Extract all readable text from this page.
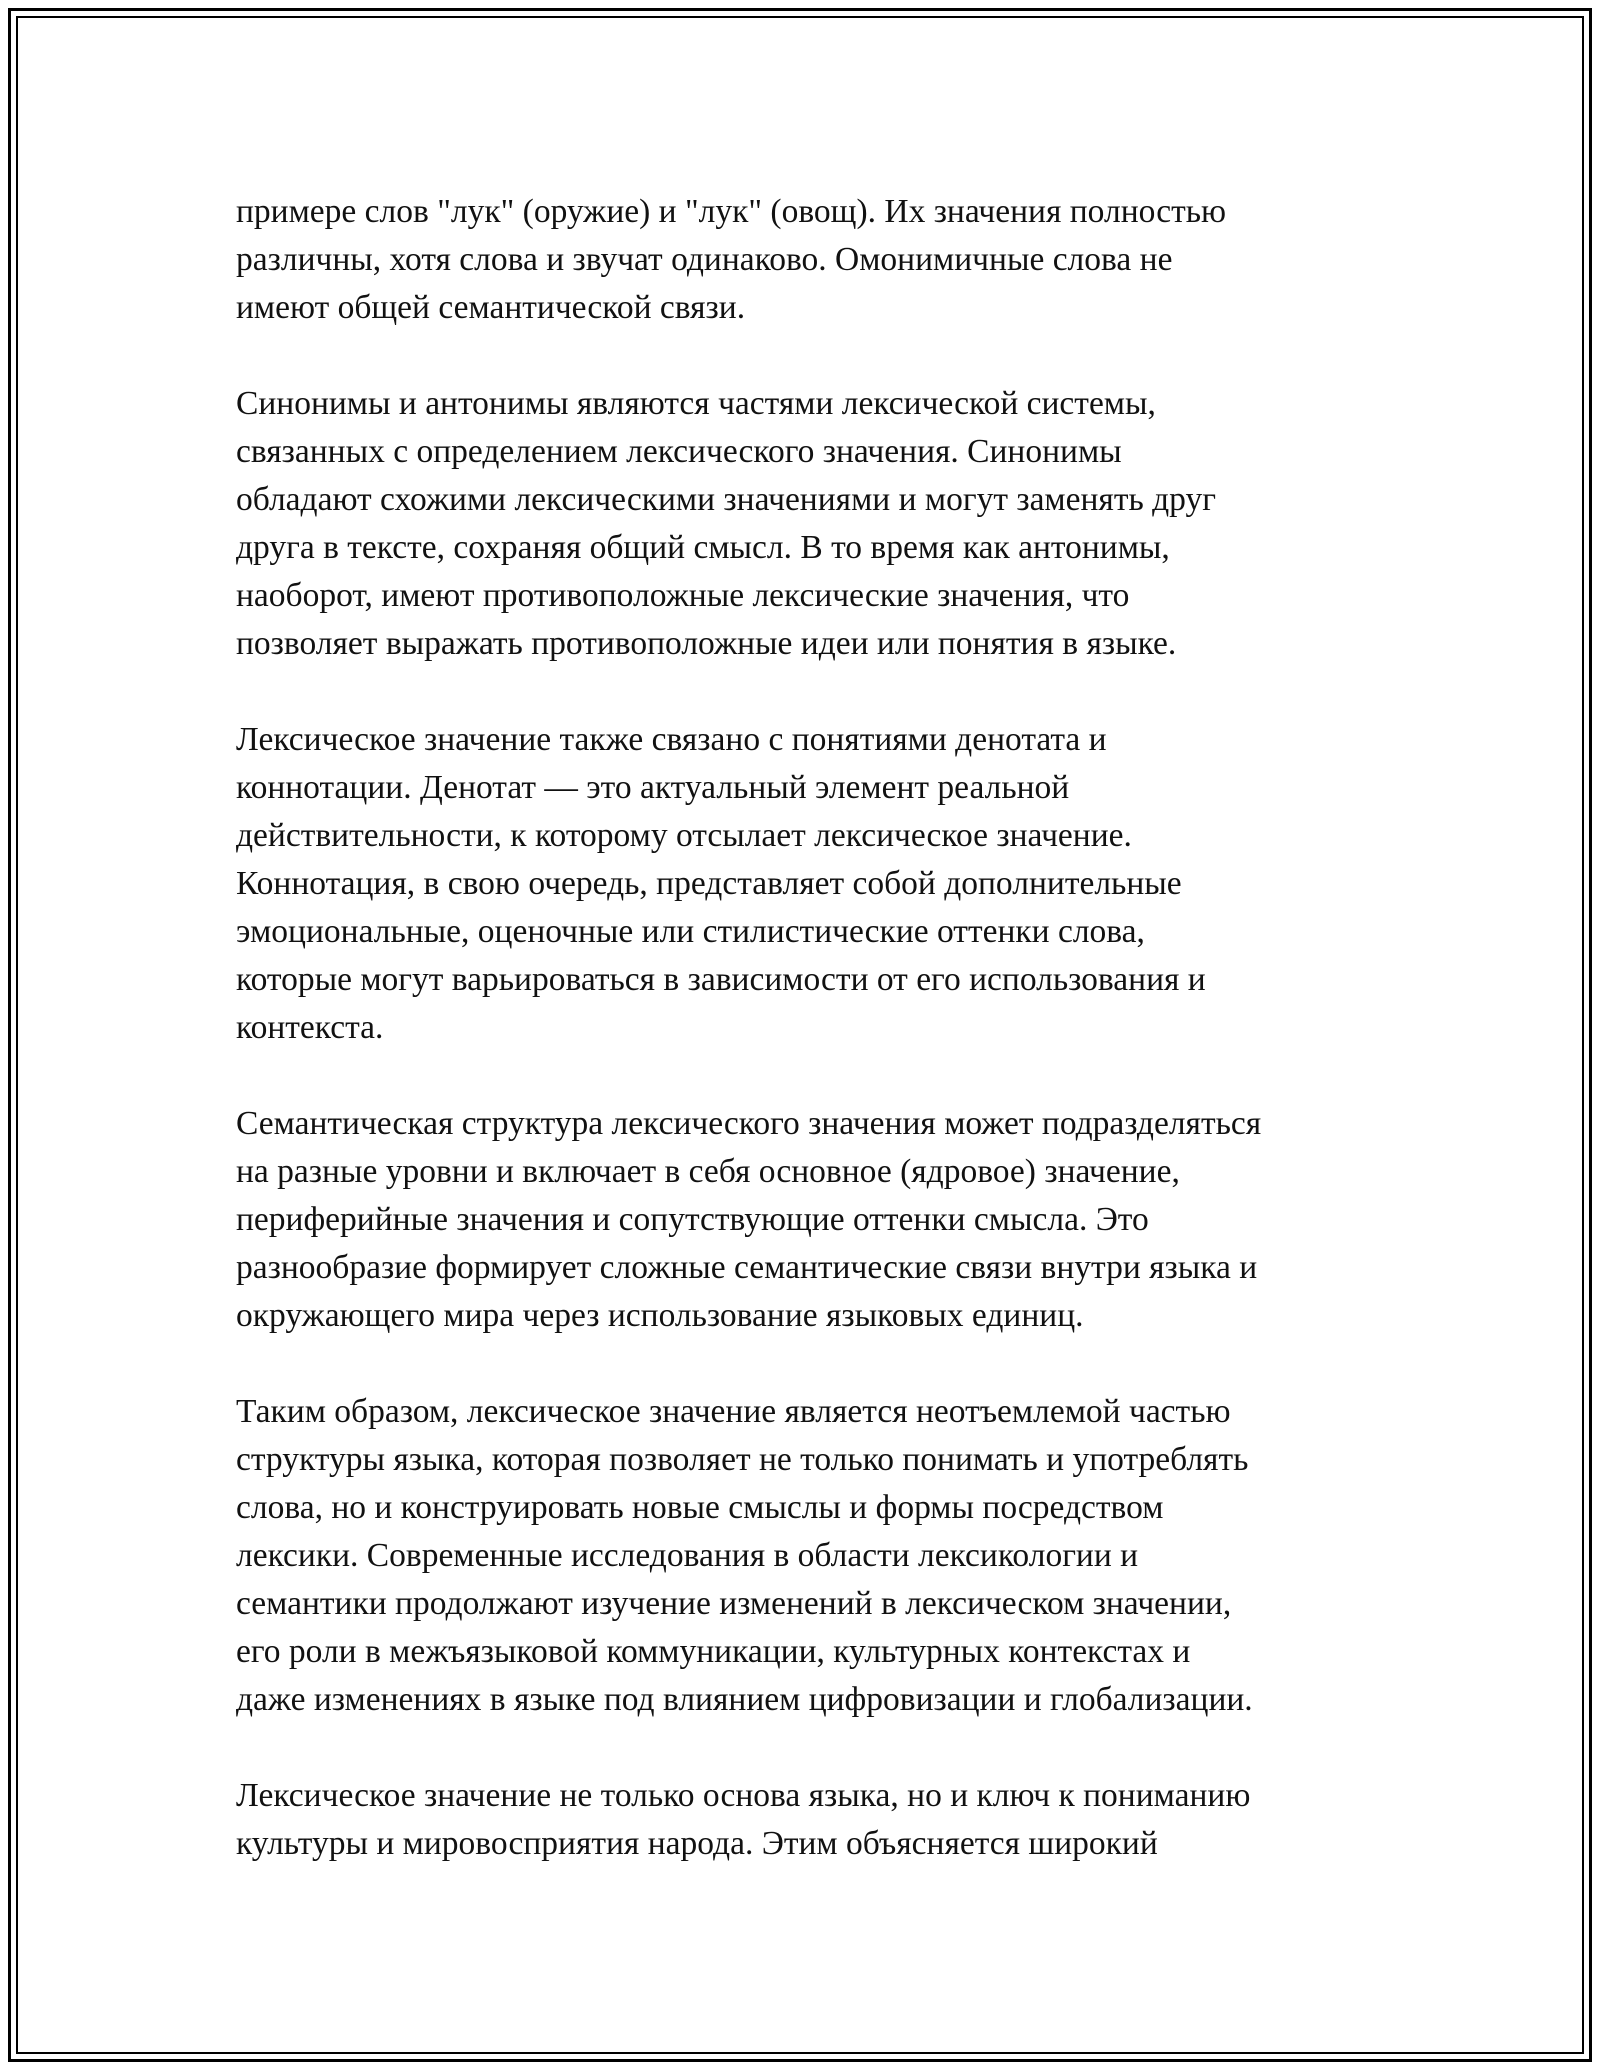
примере слов "лук" (оружие) и "лук" (овощ). Их значения полностью
различны, хотя слова и звучат одинаково. Омонимичные слова не
имеют общей семантической связи.

Синонимы и антонимы являются частями лексической системы,
связанных с определением лексического значения. Синонимы
обладают схожими лексическими значениями и могут заменять друг
друга в тексте, сохраняя общий смысл. В то время как антонимы,
наоборот, имеют противоположные лексические значения, что
позволяет выражать противоположные идеи или понятия в языке.

Лексическое значение также связано с понятиями денотата и
коннотации. Денотат — это актуальный элемент реальной
действительности, к которому отсылает лексическое значение.
Коннотация, в свою очередь, представляет собой дополнительные
эмоциональные, оценочные или стилистические оттенки слова,
которые могут варьироваться в зависимости от его использования и
контекста.

Семантическая структура лексического значения может подразделяться
на разные уровни и включает в себя основное (ядровое) значение,
периферийные значения и сопутствующие оттенки смысла. Это
разнообразие формирует сложные семантические связи внутри языка и
окружающего мира через использование языковых единиц.

Таким образом, лексическое значение является неотъемлемой частью
структуры языка, которая позволяет не только понимать и употреблять
слова, но и конструировать новые смыслы и формы посредством
лексики. Современные исследования в области лексикологии и
семантики продолжают изучение изменений в лексическом значении,
его роли в межъязыковой коммуникации, культурных контекстах и
даже изменениях в языке под влиянием цифровизации и глобализации.

Лексическое значение не только основа языка, но и ключ к пониманию
культуры и мировосприятия народа. Этим объясняется широкий
